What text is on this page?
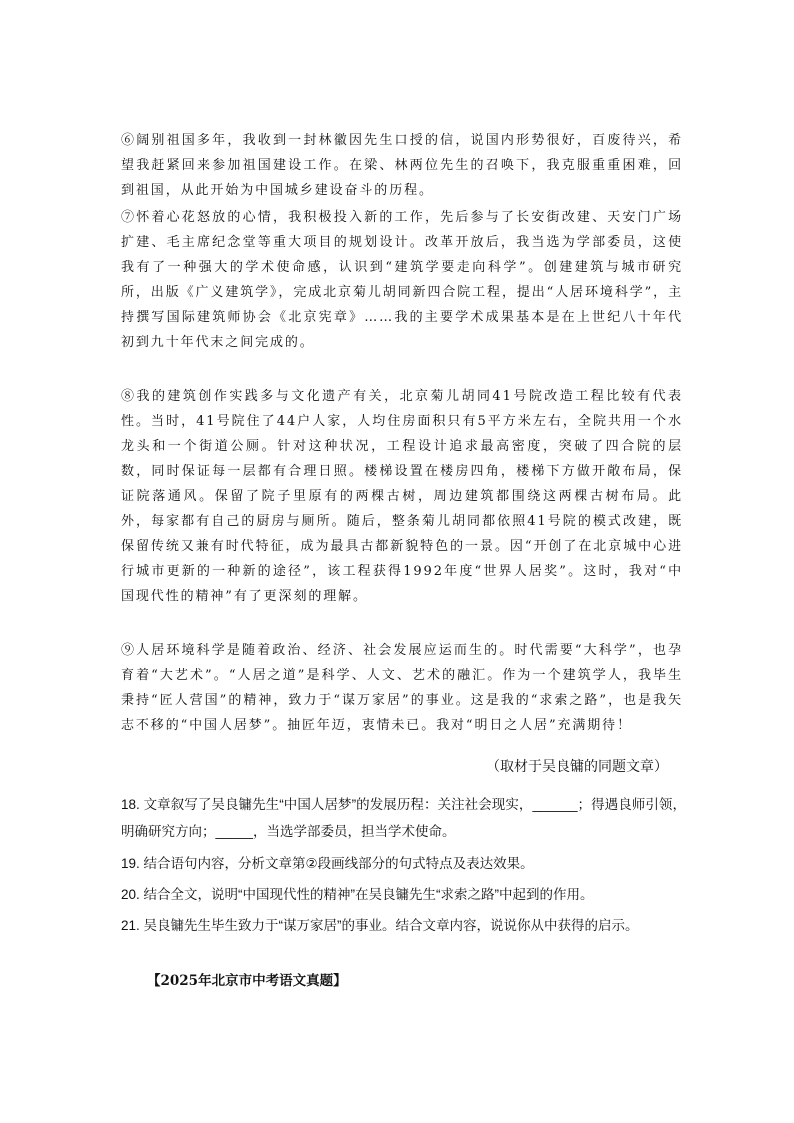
⑥阔别祖国多年，我收到一封林徽因先生口授的信，说国内形势很好，百废待兴，希望我赶紧回来参加祖国建设工作。在梁、林两位先生的召唤下，我克服重重困难，回到祖国，从此开始为中国城乡建设奋斗的历程。

⑦怀着心花怒放的心情，我积极投入新的工作，先后参与了长安街改建、天安门广场扩建、毛主席纪念堂等重大项目的规划设计。改革开放后，我当选为学部委员，这使我有了一种强大的学术使命感，认识到“建筑学要走向科学”。创建建筑与城市研究所，出版《广义建筑学》，完成北京菊儿胡同新四合院工程，提出“人居环境科学”，主持撰写国际建筑师协会《北京宪章》……我的主要学术成果基本是在上世纪八十年代初到九十年代末之间完成的。

⑧我的建筑创作实践多与文化遗产有关，北京菊儿胡同41号院改造工程比较有代表性。当时，41号院住了44户人家，人均住房面积只有5平方米左右，全院共用一个水龙头和一个街道公厕。针对这种状况，工程设计追求最高密度，突破了四合院的层数，同时保证每一层都有合理日照。楼梯设置在楼房四角，楼梯下方做开敞布局，保证院落通风。保留了院子里原有的两棵古树，周边建筑都围绕这两棵古树布局。此外，每家都有自己的厨房与厕所。随后，整条菊儿胡同都依照41号院的模式改建，既保留传统又兼有时代特征，成为最具古都新貌特色的一景。因“开创了在北京城中心进行城市更新的一种新的途径”，该工程获得1992年度“世界人居奖”。这时，我对“中国现代性的精神”有了更深刻的理解。

⑨人居环境科学是随着政治、经济、社会发展应运而生的。时代需要“大科学”，也孕育着“大艺术”。“人居之道”是科学、人文、艺术的融汇。作为一个建筑学人，我毕生秉持“匠人营国”的精神，致力于“谋万家居”的事业。这是我的“求索之路”，也是我矢志不移的“中国人居梦”。抽匠年迈，衷情未已。我对“明日之人居”充满期待！

（取材于吴良镛的同题文章）

18. 文章叙写了吴良镛先生“中国人居梦”的发展历程：关注社会现实，______；得遇良师引领，明确研究方向；_____，当选学部委员，担当学术使命。

19. 结合语句内容，分析文章第②段画线部分的句式特点及表达效果。

20. 结合全文，说明“中国现代性的精神”在吴良镛先生“求索之路”中起到的作用。

21. 吴良镛先生毕生致力于“谋万家居”的事业。结合文章内容，说说你从中获得的启示。

【2025年北京市中考语文真题】
